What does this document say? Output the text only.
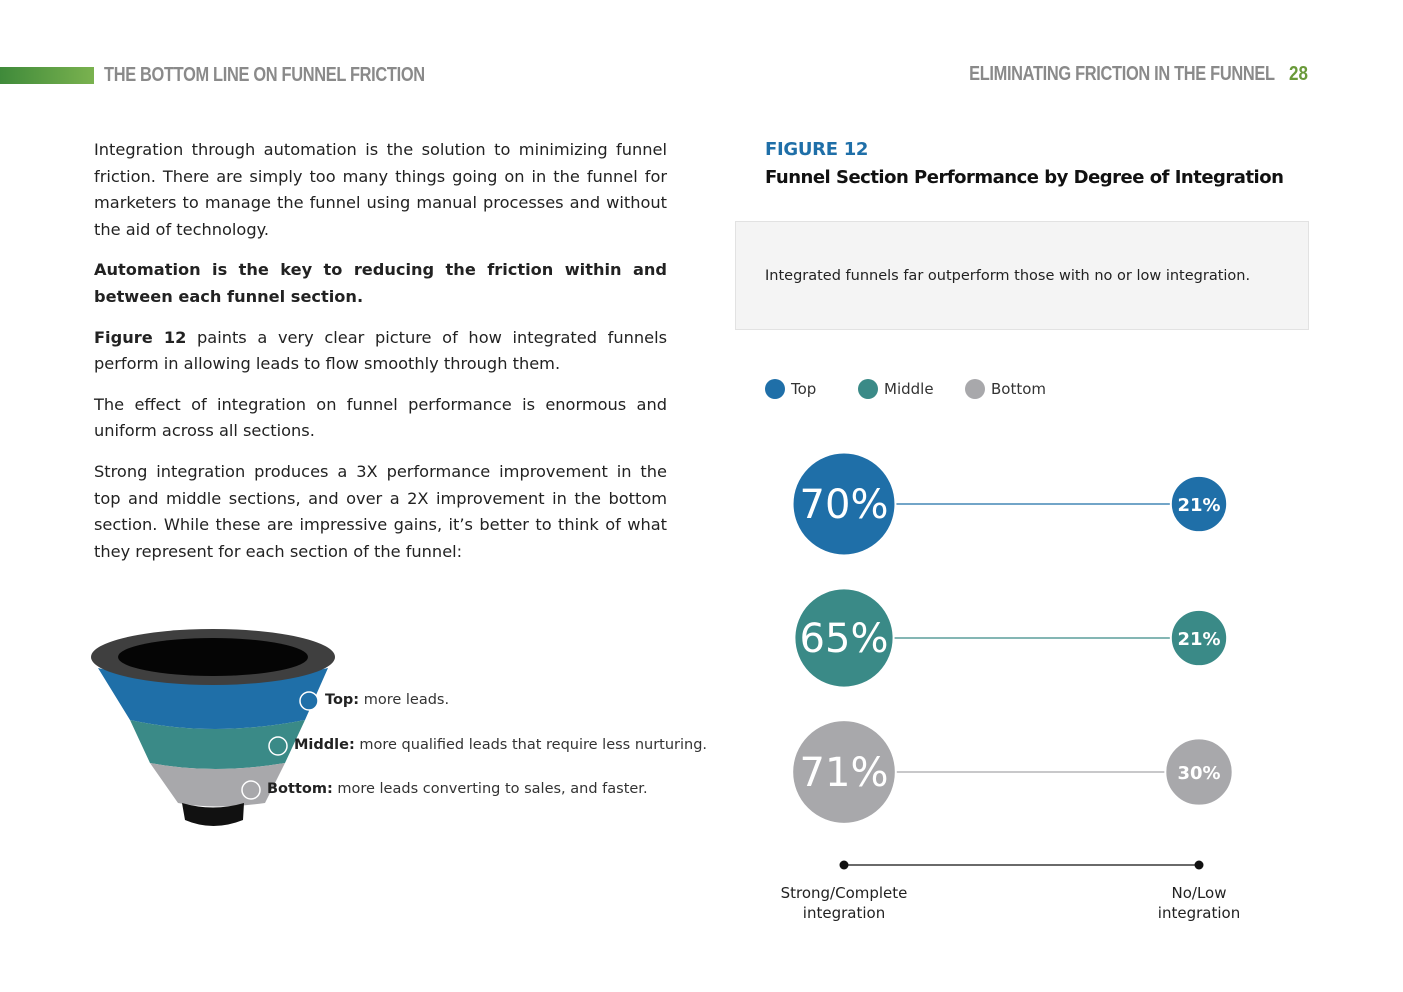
THE BOTTOM LINE ON FUNNEL FRICTION	ELIMINATING FRICTION IN THE FUNNEL 28

Integration through automation is the solution to minimizing funnel friction. There are simply too many things going on in the funnel for marketers to manage the funnel using manual processes and without the aid of technology.

Automation is the key to reducing the friction within and between each funnel section.

Figure 12 paints a very clear picture of how integrated funnels perform in allowing leads to flow smoothly through them.

The effect of integration on funnel performance is enormous and uniform across all sections.

Strong integration produces a 3X performance improvement in the top and middle sections, and over a 2X improvement in the bottom section. While these are impressive gains, it’s better to think of what they represent for each section of the funnel:

Top: more leads.
Middle: more qualified leads that require less nurturing.
Bottom: more leads converting to sales, and faster.
FIGURE 12
Funnel Section Performance by Degree of Integration
Integrated funnels far outperform those with no or low integration.
Top	Middle	Bottom
70%	21%
65%	21%
71%	30%
Strong/Complete
integration
No/Low
integration
